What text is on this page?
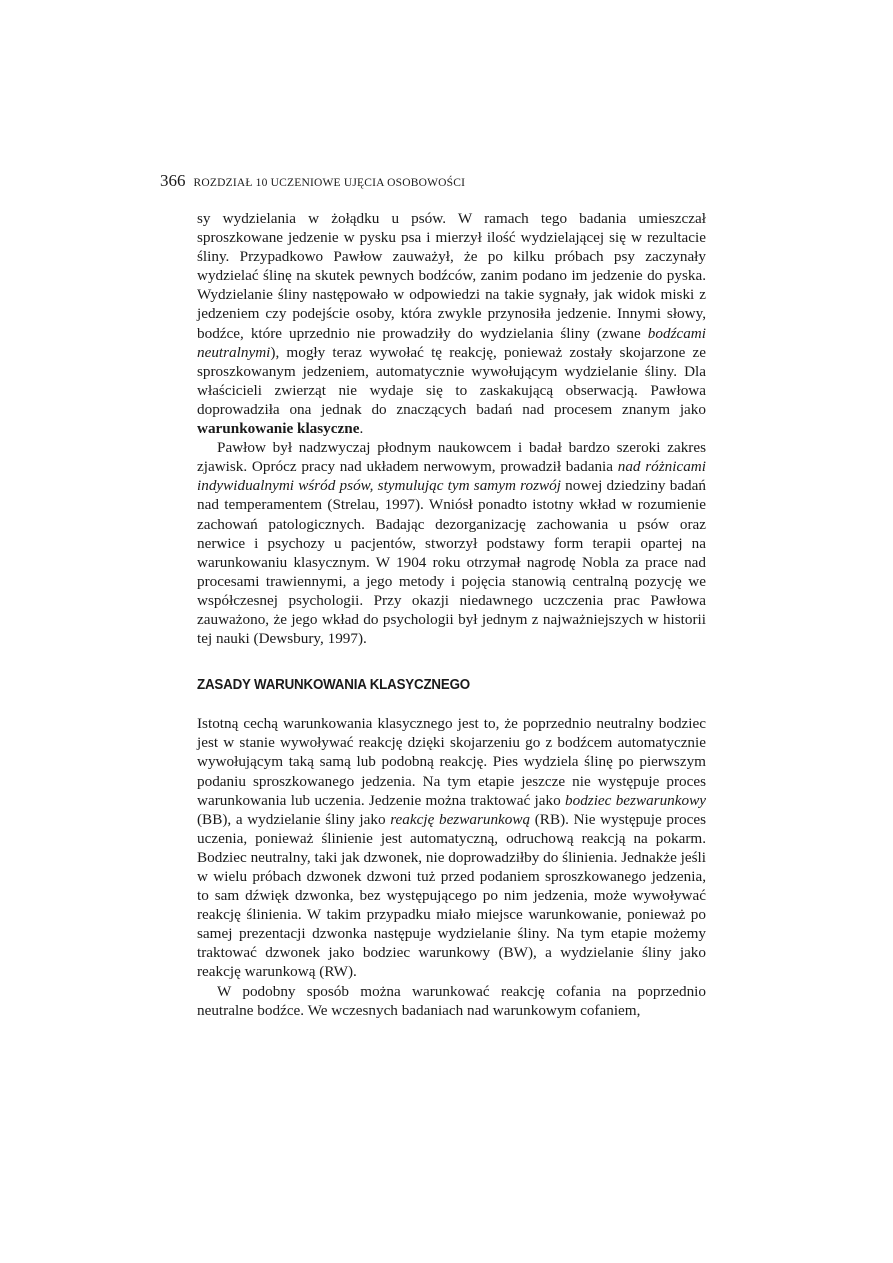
366 ROZDZIAŁ 10 UCZENIOWE UJĘCIA OSOBOWOŚCI

sy wydzielania w żołądku u psów. W ramach tego badania umieszczał sproszkowane jedzenie w pysku psa i mierzył ilość wydzielającej się w rezultacie śliny. Przypadkowo Pawłow zauważył, że po kilku próbach psy zaczynały wydzielać ślinę na skutek pewnych bodźców, zanim podano im jedzenie do pyska. Wydzielanie śliny następowało w odpowiedzi na takie sygnały, jak widok miski z jedzeniem czy podejście osoby, która zwykle przynosiła jedzenie. Innymi słowy, bodźce, które uprzednio nie prowadziły do wydzielania śliny (zwane bodźcami neutralnymi), mogły teraz wywołać tę reakcję, ponieważ zostały skojarzone ze sproszkowanym jedzeniem, automatycznie wywołującym wydzielanie śliny. Dla właścicieli zwierząt nie wydaje się to zaskakującą obserwacją. Pawłowa doprowadziła ona jednak do znaczących badań nad procesem znanym jako warunkowanie klasyczne.

Pawłow był nadzwyczaj płodnym naukowcem i badał bardzo szeroki zakres zjawisk. Oprócz pracy nad układem nerwowym, prowadził badania nad różnicami indywidualnymi wśród psów, stymulując tym samym rozwój nowej dziedziny badań nad temperamentem (Strelau, 1997). Wniósł ponadto istotny wkład w rozumienie zachowań patologicznych. Badając dezorganizację zachowania u psów oraz nerwice i psychozy u pacjentów, stworzył podstawy form terapii opartej na warunkowaniu klasycznym. W 1904 roku otrzymał nagrodę Nobla za prace nad procesami trawiennymi, a jego metody i pojęcia stanowią centralną pozycję we współczesnej psychologii. Przy okazji niedawnego uczczenia prac Pawłowa zauważono, że jego wkład do psychologii był jednym z najważniejszych w historii tej nauki (Dewsbury, 1997).

ZASADY WARUNKOWANIA KLASYCZNEGO

Istotną cechą warunkowania klasycznego jest to, że poprzednio neutralny bodziec jest w stanie wywoływać reakcję dzięki skojarzeniu go z bodźcem automatycznie wywołującym taką samą lub podobną reakcję. Pies wydziela ślinę po pierwszym podaniu sproszkowanego jedzenia. Na tym etapie jeszcze nie występuje proces warunkowania lub uczenia. Jedzenie można traktować jako bodziec bezwarunkowy (BB), a wydzielanie śliny jako reakcję bezwarunkową (RB). Nie występuje proces uczenia, ponieważ ślinienie jest automatyczną, odruchową reakcją na pokarm. Bodziec neutralny, taki jak dzwonek, nie doprowadziłby do ślinienia. Jednakże jeśli w wielu próbach dzwonek dzwoni tuż przed podaniem sproszkowanego jedzenia, to sam dźwięk dzwonka, bez występującego po nim jedzenia, może wywoływać reakcję ślinienia. W takim przypadku miało miejsce warunkowanie, ponieważ po samej prezentacji dzwonka następuje wydzielanie śliny. Na tym etapie możemy traktować dzwonek jako bodziec warunkowy (BW), a wydzielanie śliny jako reakcję warunkową (RW).

W podobny sposób można warunkować reakcję cofania na poprzednio neutralne bodźce. We wczesnych badaniach nad warunkowym cofaniem,
